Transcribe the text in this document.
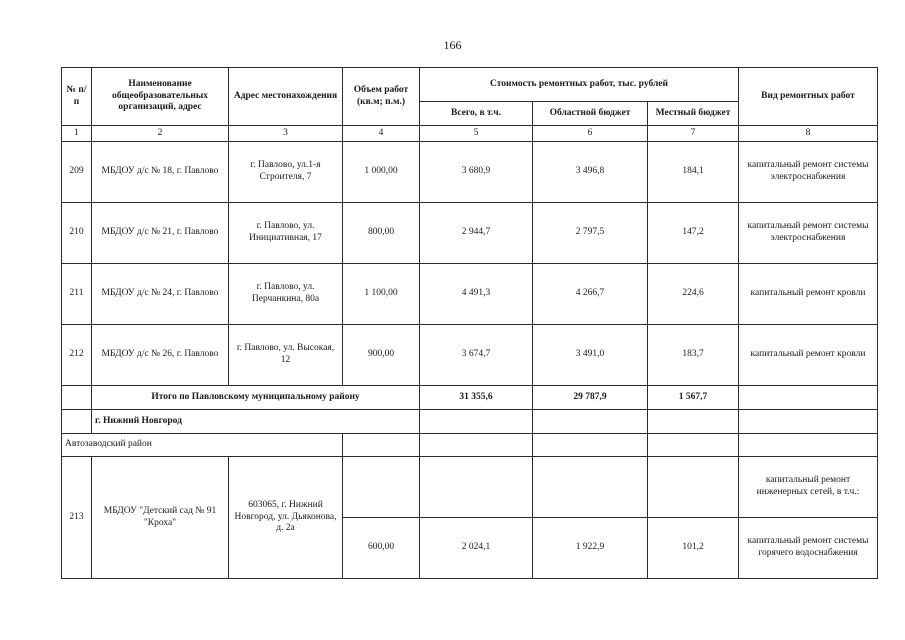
166
№ п/п	Наименование общеобразовательных организаций, адрес	Адрес местонахождения	Объем работ (кв.м; п.м.)	Стоимость ремонтных работ, тыс. рублей			Вид ремонтных работ
				Всего, в т.ч.	Областной бюджет	Местный бюджет	
1	2	3	4	5	6	7	8
209	МБДОУ д/с № 18, г. Павлово	г. Павлово, ул.1-я Строителя, 7	1 000,00	3 680,9	3 496,8	184,1	капитальный ремонт системы электроснабжения
210	МБДОУ д/с № 21, г. Павлово	г. Павлово, ул. Инициативная, 17	800,00	2 944,7	2 797,5	147,2	капитальный ремонт системы электроснабжения
211	МБДОУ д/с № 24, г. Павлово	г. Павлово, ул. Перчанкина, 80а	1 100,00	4 491,3	4 266,7	224,6	капитальный ремонт кровли
212	МБДОУ д/с № 26, г. Павлово	г. Павлово, ул. Высокая, 12	900,00	3 674,7	3 491,0	183,7	капитальный ремонт кровли
	Итого по Павловскому муниципальному району			31 355,6	29 787,9	1 567,7	
	г. Нижний Новгород						
Автозаводский район							
213	МБДОУ "Детский сад № 91 "Кроха"	603065, г. Нижний Новгород, ул. Дьяконова, д. 2а					капитальный ремонт инженерных сетей, в т.ч.:
			600,00	2 024,1	1 922,9	101,2	капитальный ремонт системы горячего водоснабжения
